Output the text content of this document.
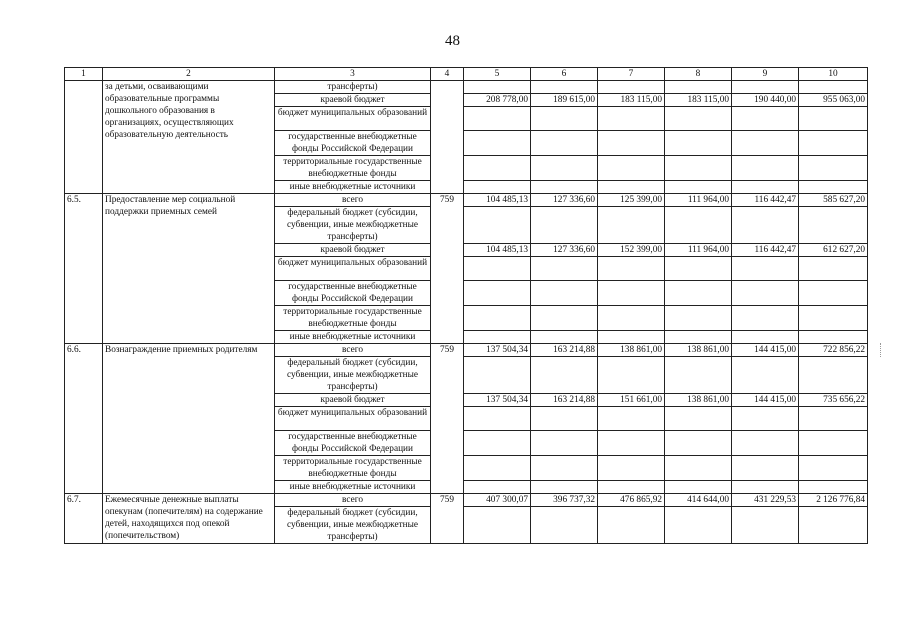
48
1	2	3	4	5	6	7	8	9	10
	за детьми, осваивающими образовательные программы дошкольного образования в организациях, осуществляющих образовательную деятельность	трансферты)							
		краевой бюджет		208 778,00	189 615,00	183 115,00	183 115,00	190 440,00	955 063,00
		бюджет муниципальных образований							
		государственные внебюджетные фонды Российской Федерации							
		территориальные государственные внебюджетные фонды							
		иные внебюджетные источники							
6.5.	Предоставление мер социальной поддержки приемных семей	всего	759	104 485,13	127 336,60	125 399,00	111 964,00	116 442,47	585 627,20
		федеральный бюджет (субсидии, субвенции, иные межбюджетные трансферты)							
		краевой бюджет		104 485,13	127 336,60	152 399,00	111 964,00	116 442,47	612 627,20
		бюджет муниципальных образований							
		государственные внебюджетные фонды Российской Федерации							
		территориальные государственные внебюджетные фонды							
		иные внебюджетные источники							
6.6.	Вознаграждение приемных родителям	всего	759	137 504,34	163 214,88	138 861,00	138 861,00	144 415,00	722 856,22
		федеральный бюджет (субсидии, субвенции, иные межбюджетные трансферты)							
		краевой бюджет		137 504,34	163 214,88	151 661,00	138 861,00	144 415,00	735 656,22
		бюджет муниципальных образований							
		государственные внебюджетные фонды Российской Федерации							
		территориальные государственные внебюджетные фонды							
		иные внебюджетные источники							
6.7.	Ежемесячные денежные выплаты опекунам (попечителям) на содержание детей, находящихся под опекой (попечительством)	всего	759	407 300,07	396 737,32	476 865,92	414 644,00	431 229,53	2 126 776,84
		федеральный бюджет (субсидии, субвенции, иные межбюджетные трансферты)							
